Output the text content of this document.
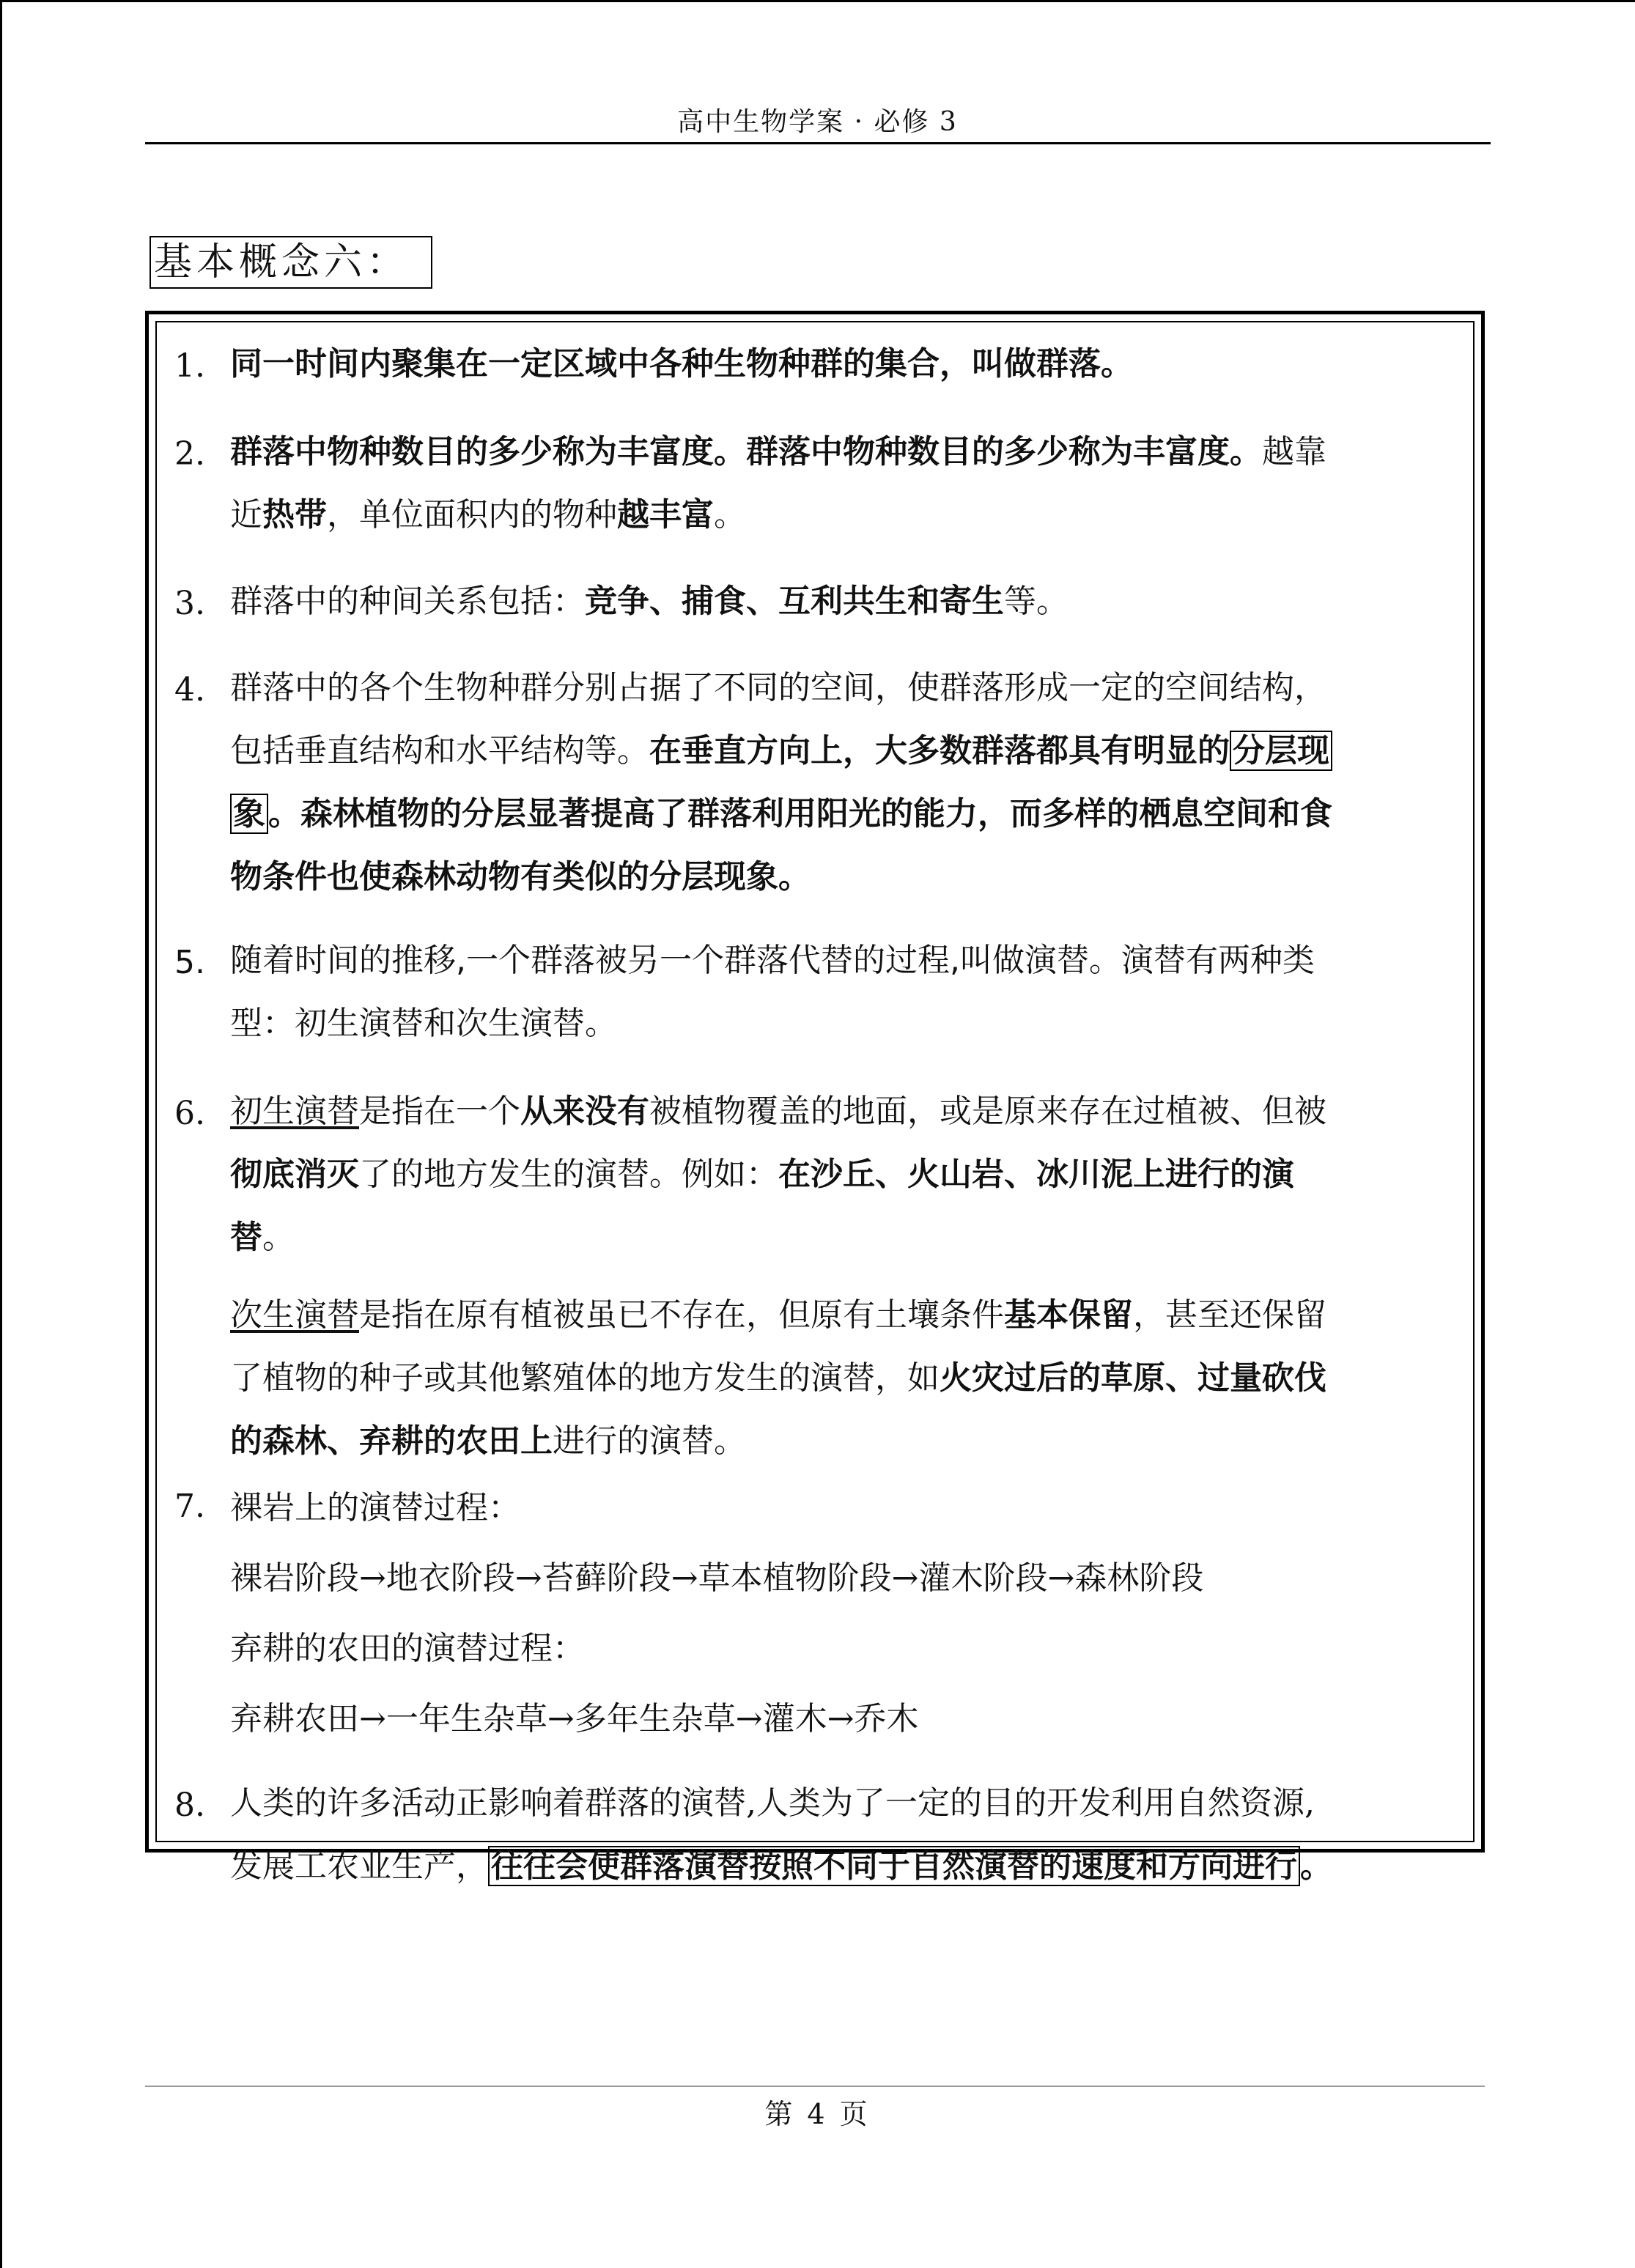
高中生物学案 · 必修 3
基本概念六：
1. 同一时间内聚集在一定区域中各种生物种群的集合，叫做群落。
2. 群落中物种数目的多少称为丰富度。群落中物种数目的多少称为丰富度。越靠
近热带，单位面积内的物种越丰富。
3. 群落中的种间关系包括：竞争、捕食、互利共生和寄生等。
4. 群落中的各个生物种群分别占据了不同的空间，使群落形成一定的空间结构，
包括垂直结构和水平结构等。在垂直方向上，大多数群落都具有明显的分层现
象。森林植物的分层显著提高了群落利用阳光的能力，而多样的栖息空间和食
物条件也使森林动物有类似的分层现象。
5. 随着时间的推移,一个群落被另一个群落代替的过程,叫做演替。演替有两种类
型：初生演替和次生演替。
6. 初生演替是指在一个从来没有被植物覆盖的地面，或是原来存在过植被、但被
彻底消灭了的地方发生的演替。例如：在沙丘、火山岩、冰川泥上进行的演
替。
次生演替是指在原有植被虽已不存在，但原有土壤条件基本保留，甚至还保留
了植物的种子或其他繁殖体的地方发生的演替，如火灾过后的草原、过量砍伐
的森林、弃耕的农田上进行的演替。
7. 裸岩上的演替过程：
裸岩阶段→地衣阶段→苔藓阶段→草本植物阶段→灌木阶段→森林阶段
弃耕的农田的演替过程：
弃耕农田→一年生杂草→多年生杂草→灌木→乔木
8. 人类的许多活动正影响着群落的演替,人类为了一定的目的开发利用自然资源,
发展工农业生产，往往会使群落演替按照不同于自然演替的速度和方向进行。
第 4 页
